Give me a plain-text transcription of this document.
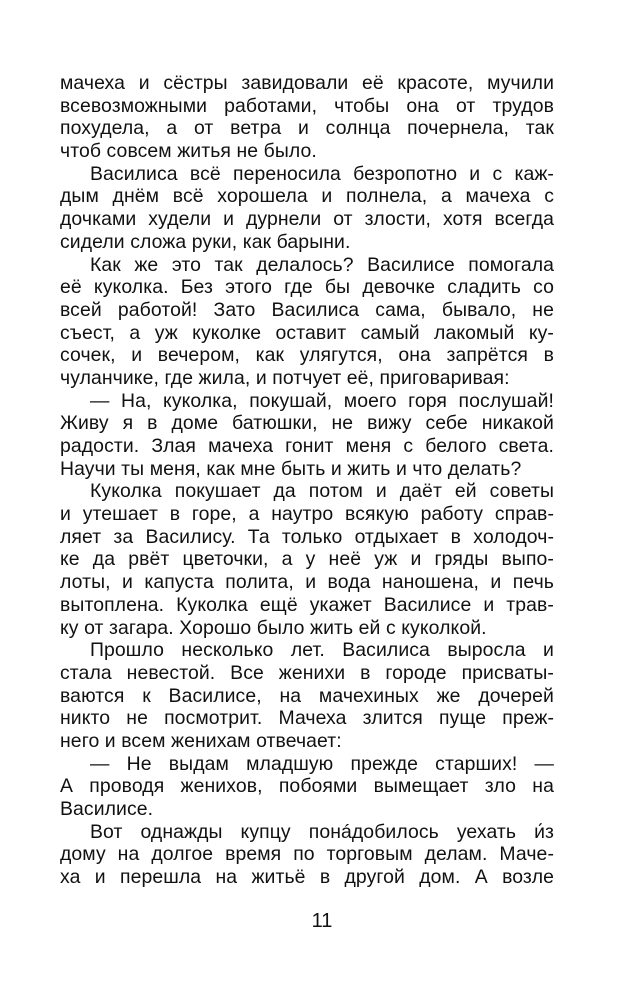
мачеха и сёстры завидовали её красоте, мучили
всевозможными работами, чтобы она от трудов
похудела, а от ветра и солнца почернела, так
чтоб совсем житья не было.
Василиса всё переносила безропотно и с каж-
дым днём всё хорошела и полнела, а мачеха с
дочками худели и дурнели от злости, хотя всегда
сидели сложа руки, как барыни.
Как же это так делалось? Василисе помогала
её куколка. Без этого где бы девочке сладить со
всей работой! Зато Василиса сама, бывало, не
съест, а уж куколке оставит самый лакомый ку-
сочек, и вечером, как улягутся, она запрётся в
чуланчике, где жила, и потчует её, приговаривая:
— На, куколка, покушай, моего горя послушай!
Живу я в доме батюшки, не вижу себе никакой
радости. Злая мачеха гонит меня с белого света.
Научи ты меня, как мне быть и жить и что делать?
Куколка покушает да потом и даёт ей советы
и утешает в горе, а наутро всякую работу справ-
ляет за Василису. Та только отдыхает в холодоч-
ке да рвёт цветочки, а у неё уж и гряды выпо-
лоты, и капуста полита, и вода наношена, и печь
вытоплена. Куколка ещё укажет Василисе и трав-
ку от загара. Хорошо было жить ей с куколкой.
Прошло несколько лет. Василиса выросла и
стала невестой. Все женихи в городе присваты-
ваются к Василисе, на мачехиных же дочерей
никто не посмотрит. Мачеха злится пуще преж-
него и всем женихам отвечает:
— Не выдам младшую прежде старших! —
А проводя женихов, побоями вымещает зло на
Василисе.
Вот однажды купцу понáдобилось уехать и́з
дому на долгое время по торговым делам. Маче-
ха и перешла на житьё в другой дом. А возле
11
